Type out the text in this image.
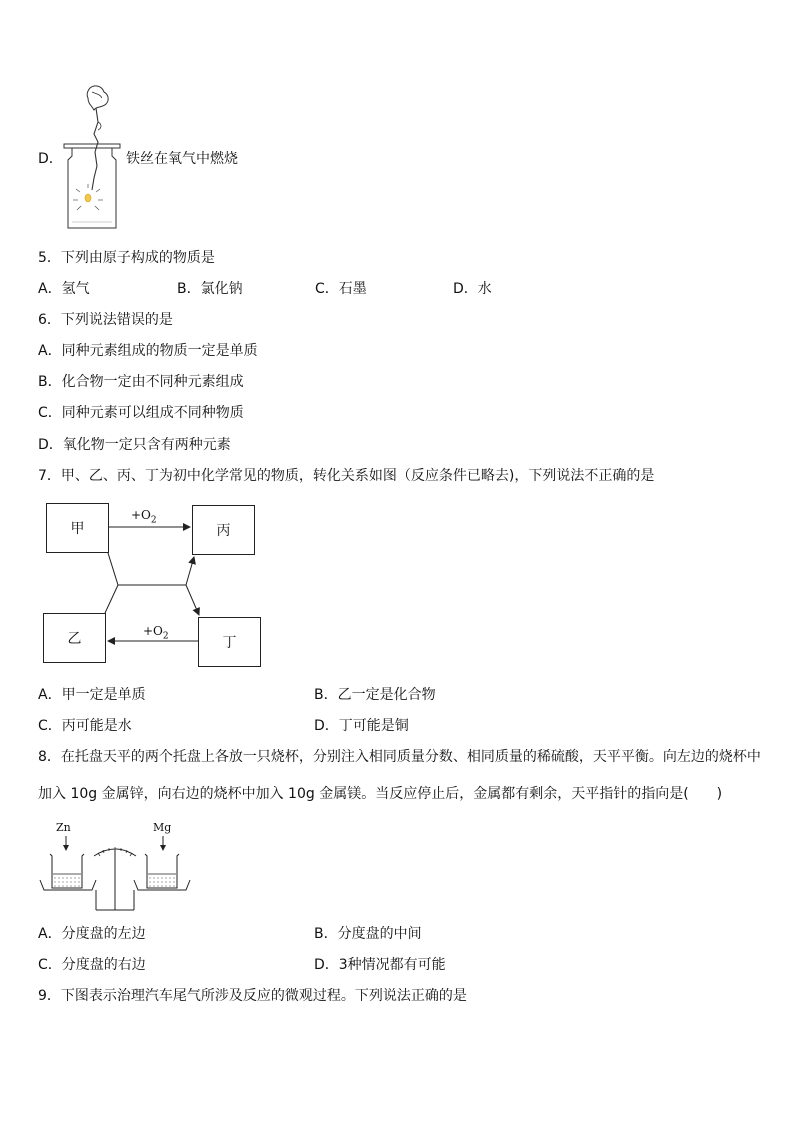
D．	铁丝在氧气中燃烧
5．下列由原子构成的物质是
A．氢气	B．氯化钠	C．石墨	D．水
6．下列说法错误的是
A．同种元素组成的物质一定是单质
B．化合物一定由不同种元素组成
C．同种元素可以组成不同种物质
D．氧化物一定只含有两种元素
7．甲、乙、丙、丁为初中化学常见的物质，转化关系如图（反应条件已略去)，下列说法不正确的是
甲	丙
乙	丁
$+O_2$
$+O_2$
A．甲一定是单质	B．乙一定是化合物
C．丙可能是水	D．丁可能是铜
8．在托盘天平的两个托盘上各放一只烧杯，分别注入相同质量分数、相同质量的稀硫酸，天平平衡。向左边的烧杯中
加入 10g 金属锌，向右边的烧杯中加入 10g 金属镁。当反应停止后，金属都有剩余，天平指针的指向是(　　)
Zn	Mg
A．分度盘的左边	B．分度盘的中间
C．分度盘的右边	D．3种情况都有可能
9．下图表示治理汽车尾气所涉及反应的微观过程。下列说法正确的是
